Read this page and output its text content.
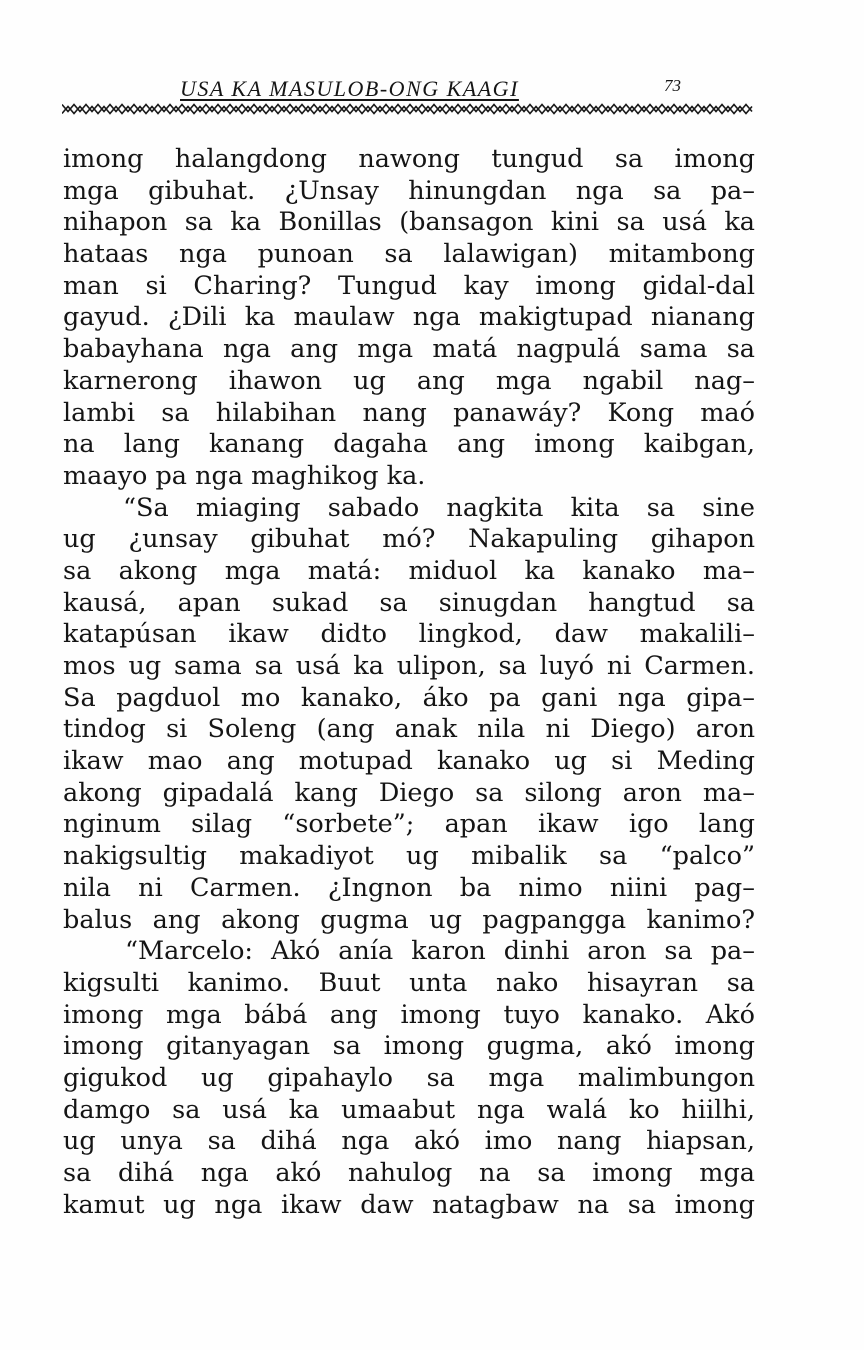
USA KA MASULOB-ONG KAAGI	73
imong halangdong nawong tungud sa imong
mga gibuhat. ¿Unsay hinungdan nga sa pa–
nihapon sa ka Bonillas (bansagon kini sa usá ka
hataas nga punoan sa lalawigan) mitambong
man si Charing? Tungud kay imong gidal-dal
gayud. ¿Dili ka maulaw nga makigtupad nianang
babayhana nga ang mga matá nagpulá sama sa
karnerong ihawon ug ang mga ngabil nag–
lambi sa hilabihan nang panawáy? Kong maó
na lang kanang dagaha ang imong kaibgan,
maayo pa nga maghikog ka.
“Sa miaging sabado nagkita kita sa sine
ug ¿unsay gibuhat mó? Nakapuling gihapon
sa akong mga matá: miduol ka kanako ma–
kausá, apan sukad sa sinugdan hangtud sa
katapúsan ikaw didto lingkod, daw makalili–
mos ug sama sa usá ka ulipon, sa luyó ni Carmen.
Sa pagduol mo kanako, áko pa gani nga gipa–
tindog si Soleng (ang anak nila ni Diego) aron
ikaw mao ang motupad kanako ug si Meding
akong gipadalá kang Diego sa silong aron ma–
nginum silag “sorbete”; apan ikaw igo lang
nakigsultig makadiyot ug mibalik sa “palco”
nila ni Carmen. ¿Ingnon ba nimo niini pag–
balus ang akong gugma ug pagpangga kanimo?
“Marcelo: Akó anía karon dinhi aron sa pa–
kigsulti kanimo. Buut unta nako hisayran sa
imong mga bábá ang imong tuyo kanako. Akó
imong gitanyagan sa imong gugma, akó imong
gigukod ug gipahaylo sa mga malimbungon
damgo sa usá ka umaabut nga walá ko hiilhi,
ug unya sa dihá nga akó imo nang hiapsan,
sa dihá nga akó nahulog na sa imong mga
kamut ug nga ikaw daw natagbaw na sa imong
